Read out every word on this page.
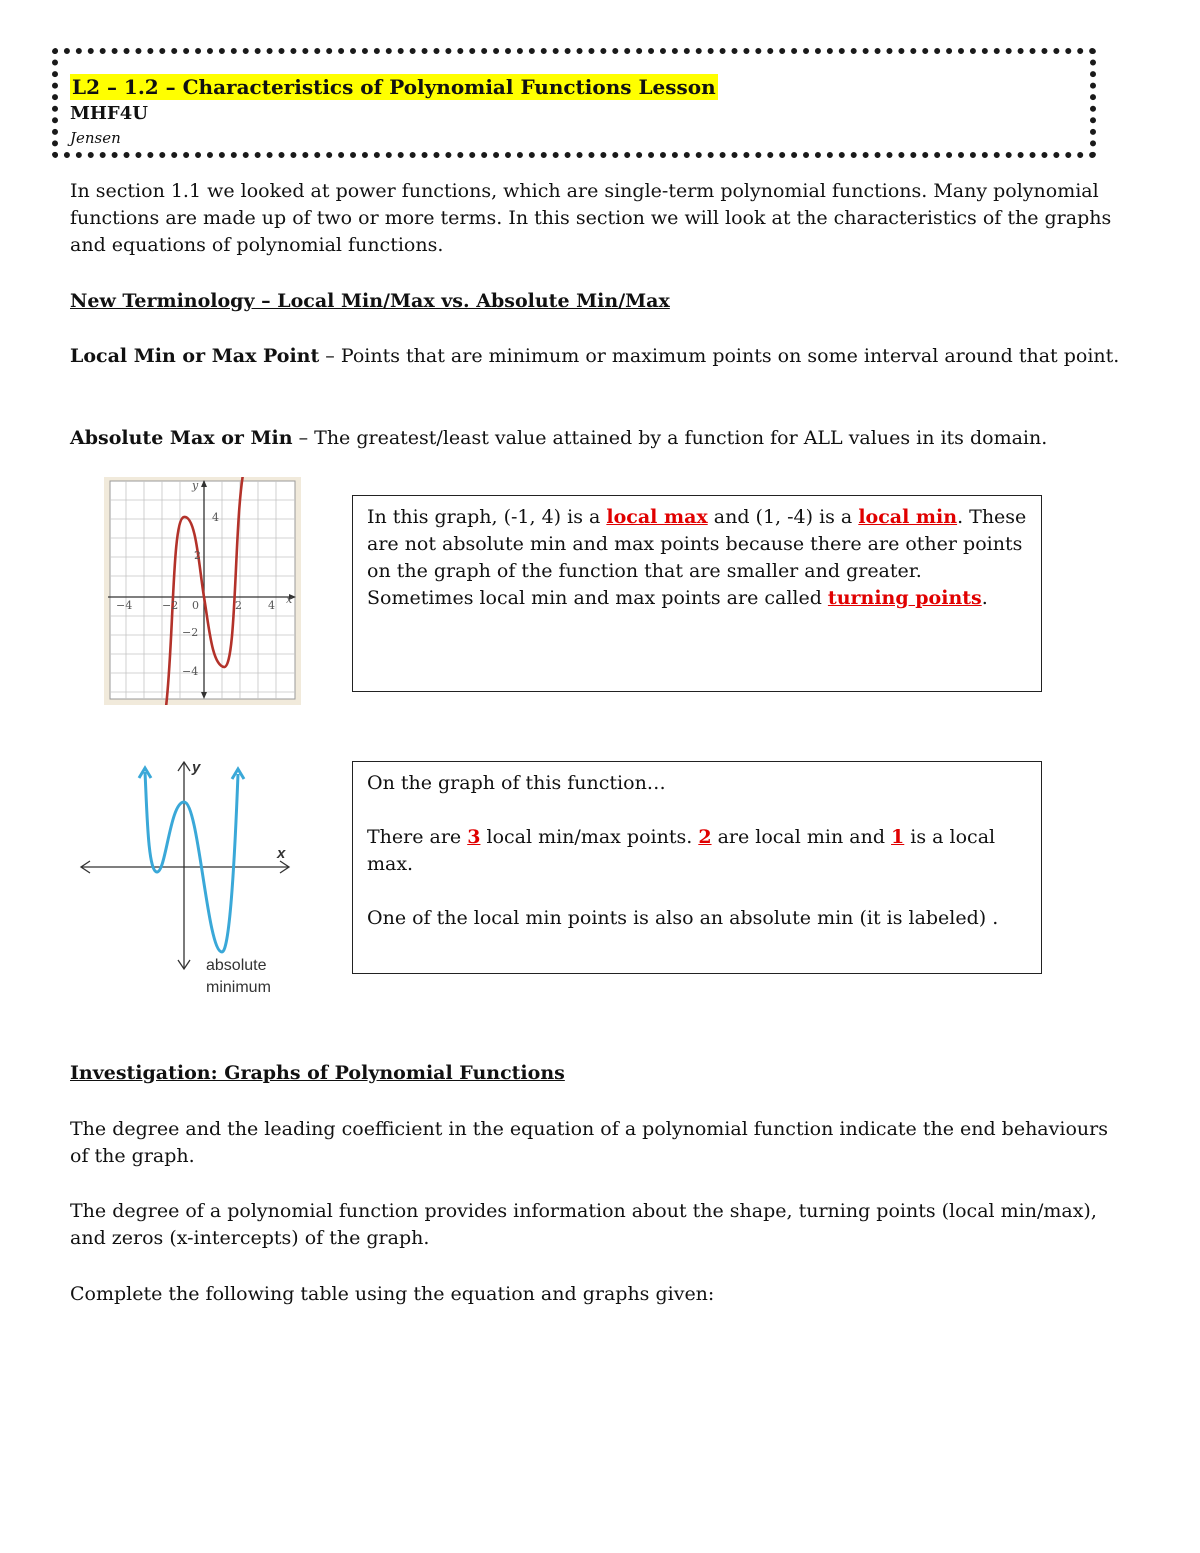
L2 – 1.2 – Characteristics of Polynomial Functions Lesson
MHF4U
Jensen

In section 1.1 we looked at power functions, which are single-term polynomial functions. Many polynomial functions are made up of two or more terms. In this section we will look at the characteristics of the graphs and equations of polynomial functions.

New Terminology – Local Min/Max vs. Absolute Min/Max

Local Min or Max Point – Points that are minimum or maximum points on some interval around that point.

Absolute Max or Min – The greatest/least value attained by a function for ALL values in its domain.

y
x
−4	−2 0	2 4
4
2
−2
−4
In this graph, (-1, 4) is a local max and (1, -4) is a local min. These are not absolute min and max points because there are other points on the graph of the function that are smaller and greater. Sometimes local min and max points are called turning points.
y
x
absolute
minimum
On the graph of this function…
There are 3 local min/max points. 2 are local min and 1 is a local max.
One of the local min points is also an absolute min (it is labeled) .

Investigation: Graphs of Polynomial Functions

The degree and the leading coefficient in the equation of a polynomial function indicate the end behaviours of the graph.

The degree of a polynomial function provides information about the shape, turning points (local min/max), and zeros (x-intercepts) of the graph.

Complete the following table using the equation and graphs given:
